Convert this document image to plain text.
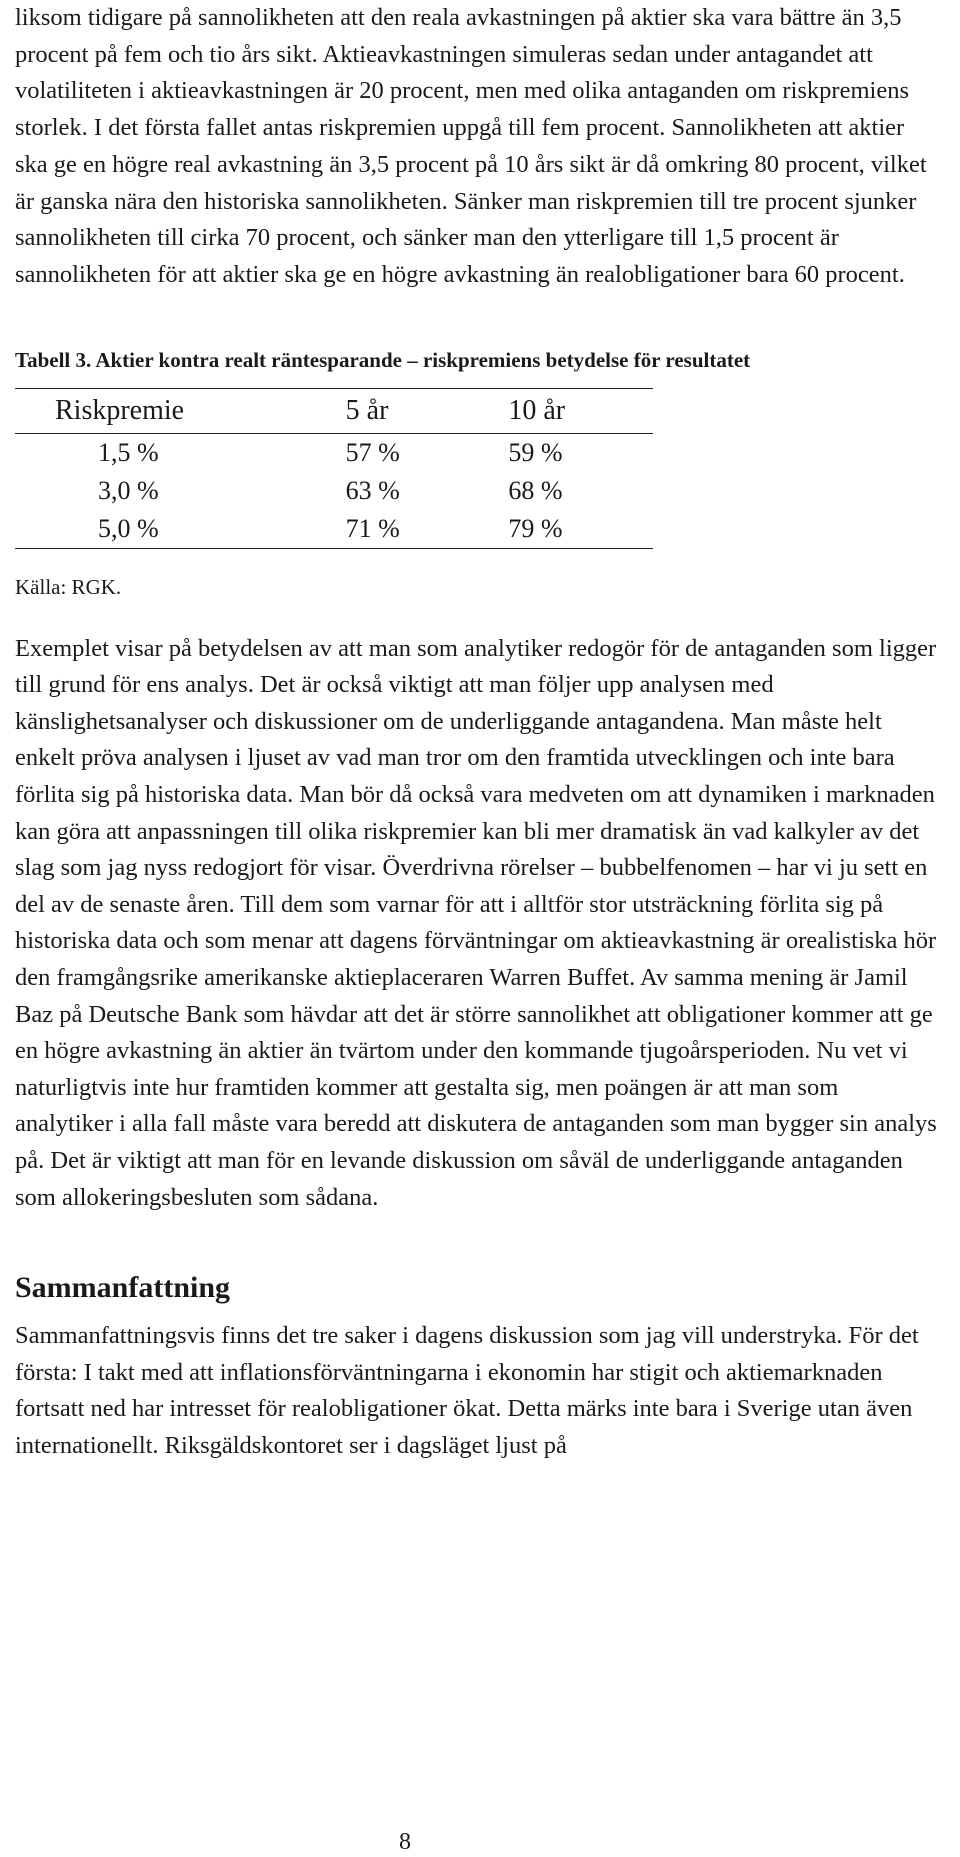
liksom tidigare på sannolikheten att den reala avkastningen på aktier ska vara bättre än 3,5 procent på fem och tio års sikt. Aktieavkastningen simuleras sedan under antagandet att volatiliteten i aktieavkastningen är 20 procent, men med olika antaganden om riskpremiens storlek. I det första fallet antas riskpremien uppgå till fem procent. Sannolikheten att aktier ska ge en högre real avkastning än 3,5 procent på 10 års sikt är då omkring 80 procent, vilket är ganska nära den historiska sannolikheten. Sänker man riskpremien till tre procent sjunker sannolikheten till cirka 70 procent, och sänker man den ytterligare till 1,5 procent är sannolikheten för att aktier ska ge en högre avkastning än realobligationer bara 60 procent.

Tabell 3. Aktier kontra realt räntesparande – riskpremiens betydelse för resultatet
Riskpremie	5 år	10 år
1,5 %	57 %	59 %
3,0 %	63 %	68 %
5,0 %	71 %	79 %
Källa: RGK.

Exemplet visar på betydelsen av att man som analytiker redogör för de antaganden som ligger till grund för ens analys. Det är också viktigt att man följer upp analysen med känslighetsanalyser och diskussioner om de underliggande antagandena. Man måste helt enkelt pröva analysen i ljuset av vad man tror om den framtida utvecklingen och inte bara förlita sig på historiska data. Man bör då också vara medveten om att dynamiken i marknaden kan göra att anpassningen till olika riskpremier kan bli mer dramatisk än vad kalkyler av det slag som jag nyss redogjort för visar. Överdrivna rörelser – bubbelfenomen – har vi ju sett en del av de senaste åren. Till dem som varnar för att i alltför stor utsträckning förlita sig på historiska data och som menar att dagens förväntningar om aktieavkastning är orealistiska hör den framgångsrike amerikanske aktieplaceraren Warren Buffet. Av samma mening är Jamil Baz på Deutsche Bank som hävdar att det är större sannolikhet att obligationer kommer att ge en högre avkastning än aktier än tvärtom under den kommande tjugoårsperioden. Nu vet vi naturligtvis inte hur framtiden kommer att gestalta sig, men poängen är att man som analytiker i alla fall måste vara beredd att diskutera de antaganden som man bygger sin analys på. Det är viktigt att man för en levande diskussion om såväl de underliggande antaganden som allokeringsbesluten som sådana.

Sammanfattning

Sammanfattningsvis finns det tre saker i dagens diskussion som jag vill understryka. För det första: I takt med att inflationsförväntningarna i ekonomin har stigit och aktiemarknaden fortsatt ned har intresset för realobligationer ökat. Detta märks inte bara i Sverige utan även internationellt. Riksgäldskontoret ser i dagsläget ljust på

8
